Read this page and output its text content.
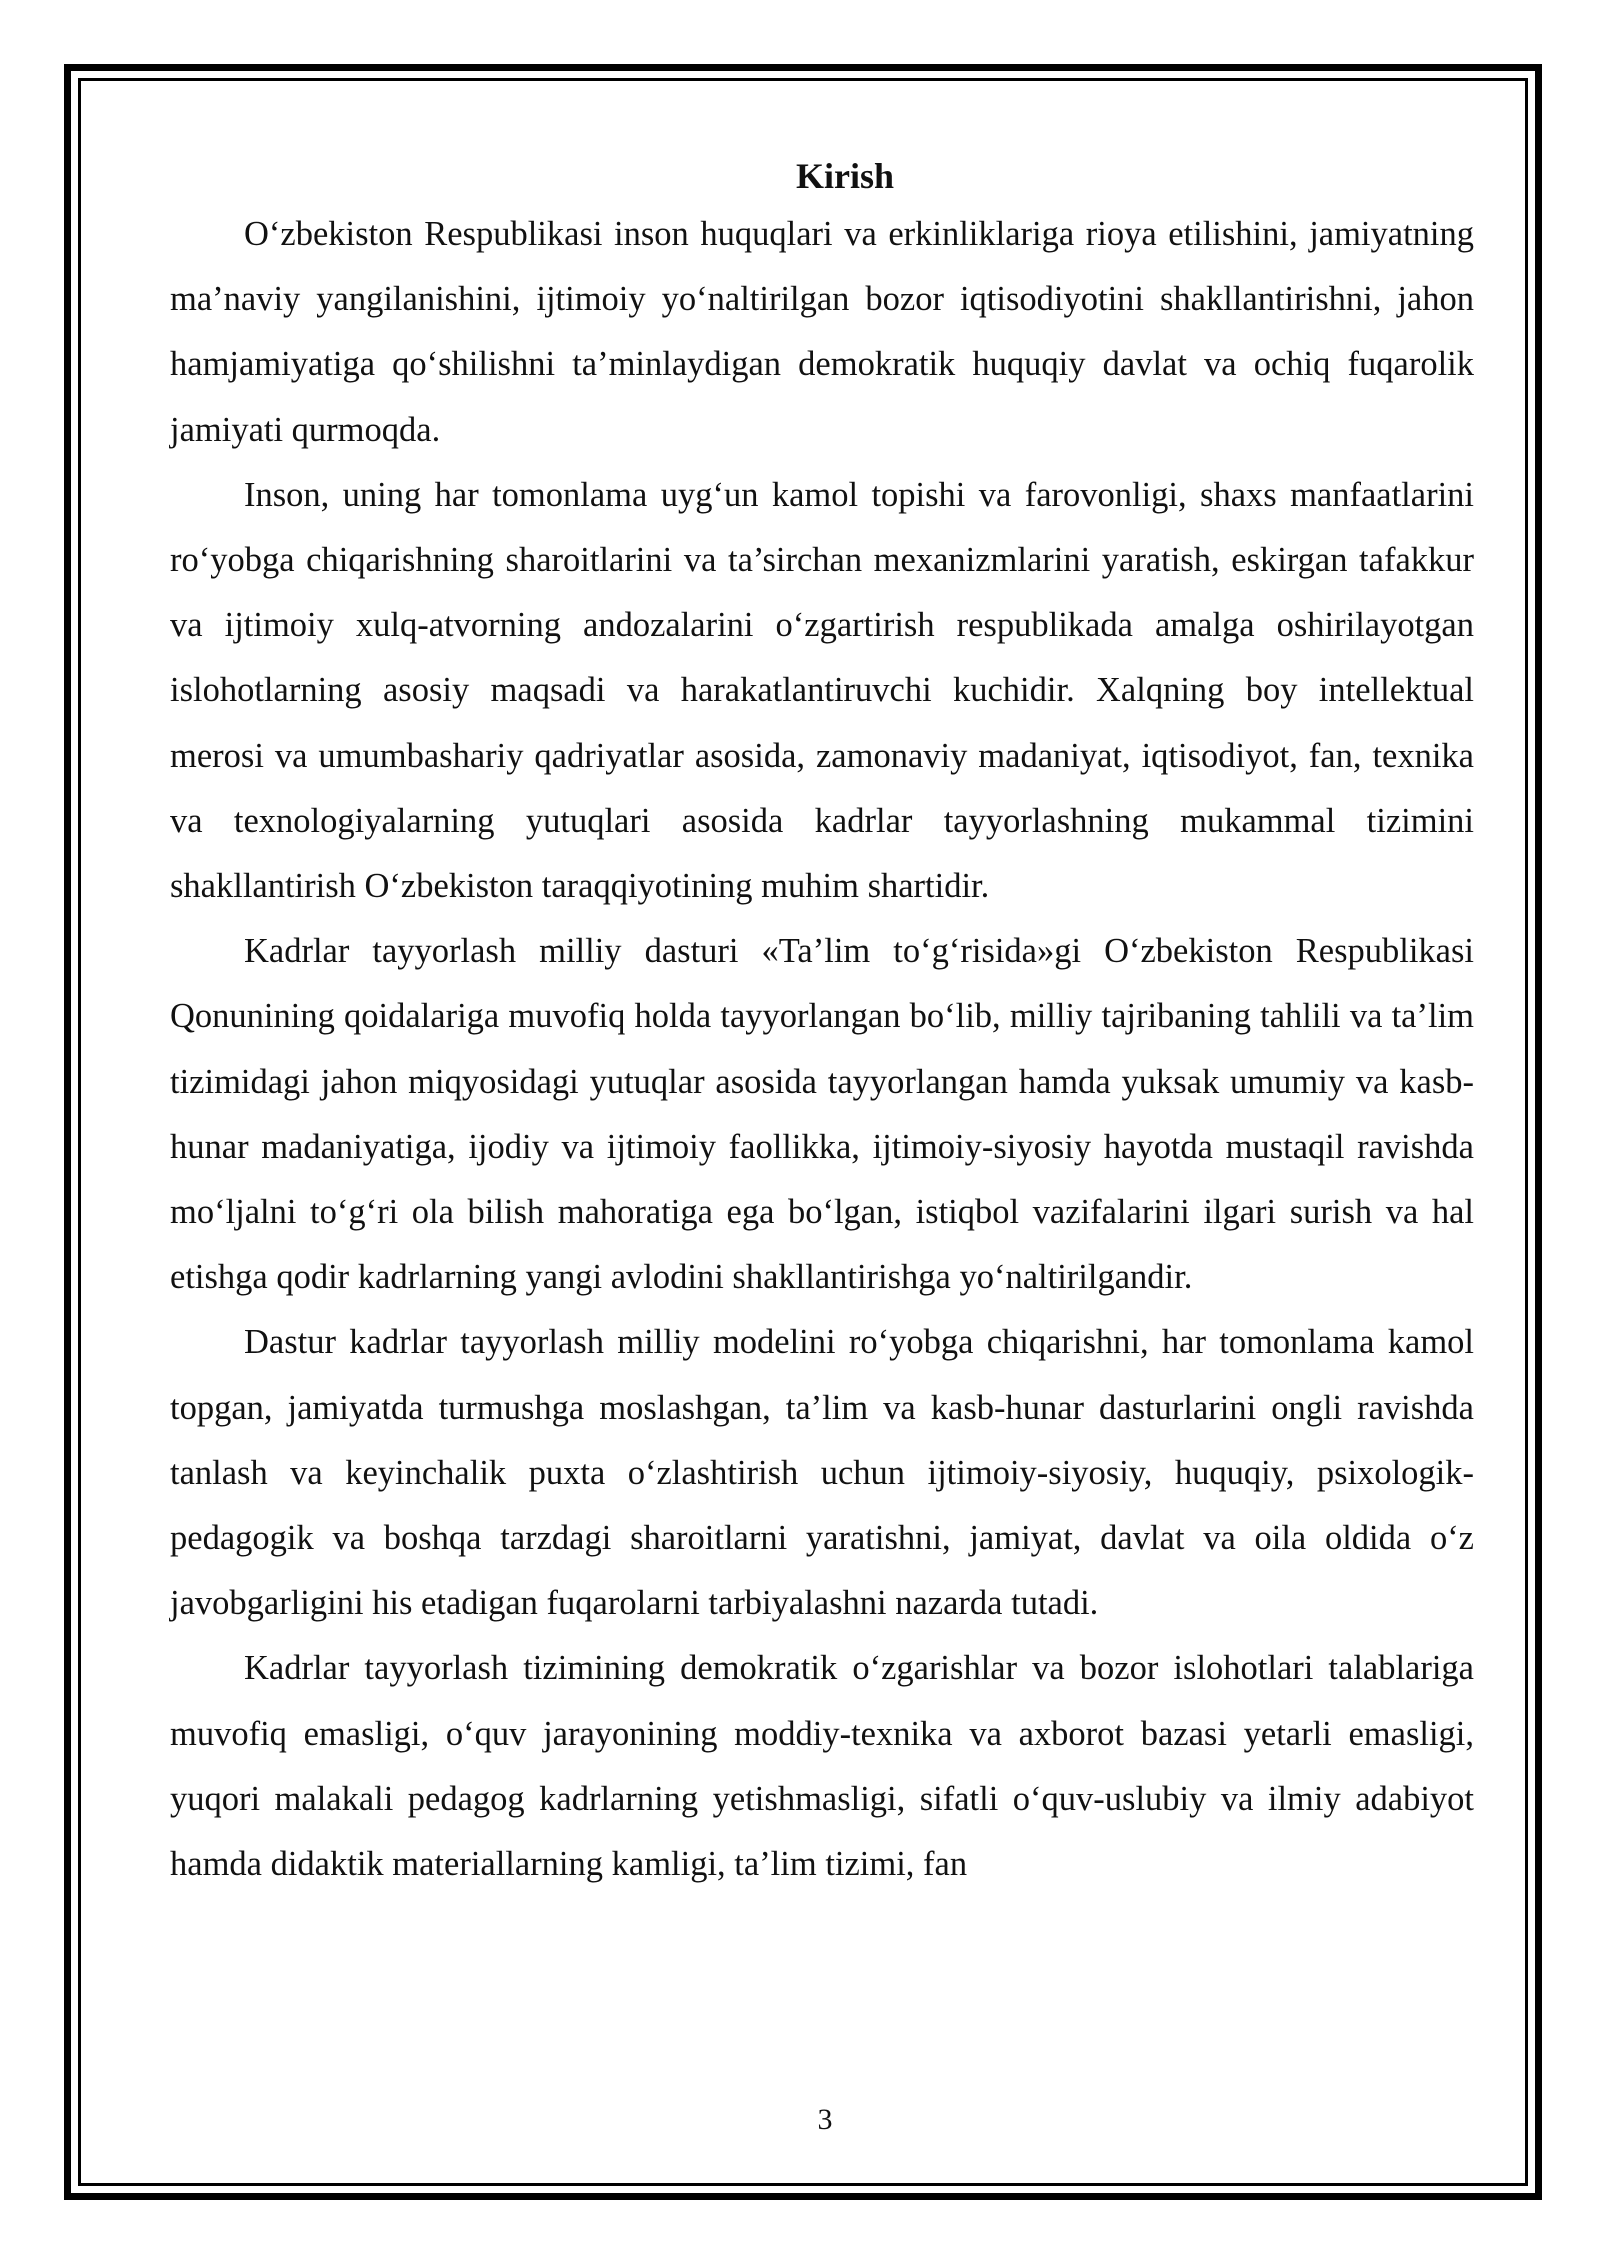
Kirish

O‘zbekiston Respublikasi inson huquqlari va erkinliklariga rioya etilishini, jamiyatning ma’naviy yangilanishini, ijtimoiy yo‘naltirilgan bozor iqtisodiyotini shakllantirishni, jahon hamjamiyatiga qo‘shilishni ta’minlaydigan demokratik huquqiy davlat va ochiq fuqarolik jamiyati qurmoqda.

Inson, uning har tomonlama uyg‘un kamol topishi va farovonligi, shaxs manfaatlarini ro‘yobga chiqarishning sharoitlarini va ta’sirchan mexanizmlarini yaratish, eskirgan tafakkur va ijtimoiy xulq-atvorning andozalarini o‘zgartirish respublikada amalga oshirilayotgan islohotlarning asosiy maqsadi va harakatlantiruvchi kuchidir. Xalqning boy intellektual merosi va umumbashariy qadriyatlar asosida, zamonaviy madaniyat, iqtisodiyot, fan, texnika va texnologiyalarning yutuqlari asosida kadrlar tayyorlashning mukammal tizimini shakllantirish O‘zbekiston taraqqiyotining muhim shartidir.

Kadrlar tayyorlash milliy dasturi «Ta’lim to‘g‘risida»gi O‘zbekiston Respublikasi Qonunining qoidalariga muvofiq holda tayyorlangan bo‘lib, milliy tajribaning tahlili va ta’lim tizimidagi jahon miqyosidagi yutuqlar asosida tayyorlangan hamda yuksak umumiy va kasb-hunar madaniyatiga, ijodiy va ijtimoiy faollikka, ijtimoiy-siyosiy hayotda mustaqil ravishda mo‘ljalni to‘g‘ri ola bilish mahoratiga ega bo‘lgan, istiqbol vazifalarini ilgari surish va hal etishga qodir kadrlarning yangi avlodini shakllantirishga yo‘naltirilgandir.

Dastur kadrlar tayyorlash milliy modelini ro‘yobga chiqarishni, har tomonlama kamol topgan, jamiyatda turmushga moslashgan, ta’lim va kasb-hunar dasturlarini ongli ravishda tanlash va keyinchalik puxta o‘zlashtirish uchun ijtimoiy-siyosiy, huquqiy, psixologik-pedagogik va boshqa tarzdagi sharoitlarni yaratishni, jamiyat, davlat va oila oldida o‘z javobgarligini his etadigan fuqarolarni tarbiyalashni nazarda tutadi.

Kadrlar tayyorlash tizimining demokratik o‘zgarishlar va bozor islohotlari talablariga muvofiq emasligi, o‘quv jarayonining moddiy-texnika va axborot bazasi yetarli emasligi, yuqori malakali pedagog kadrlarning yetishmasligi, sifatli o‘quv-uslubiy va ilmiy adabiyot hamda didaktik materiallarning kamligi, ta’lim tizimi, fan

3
